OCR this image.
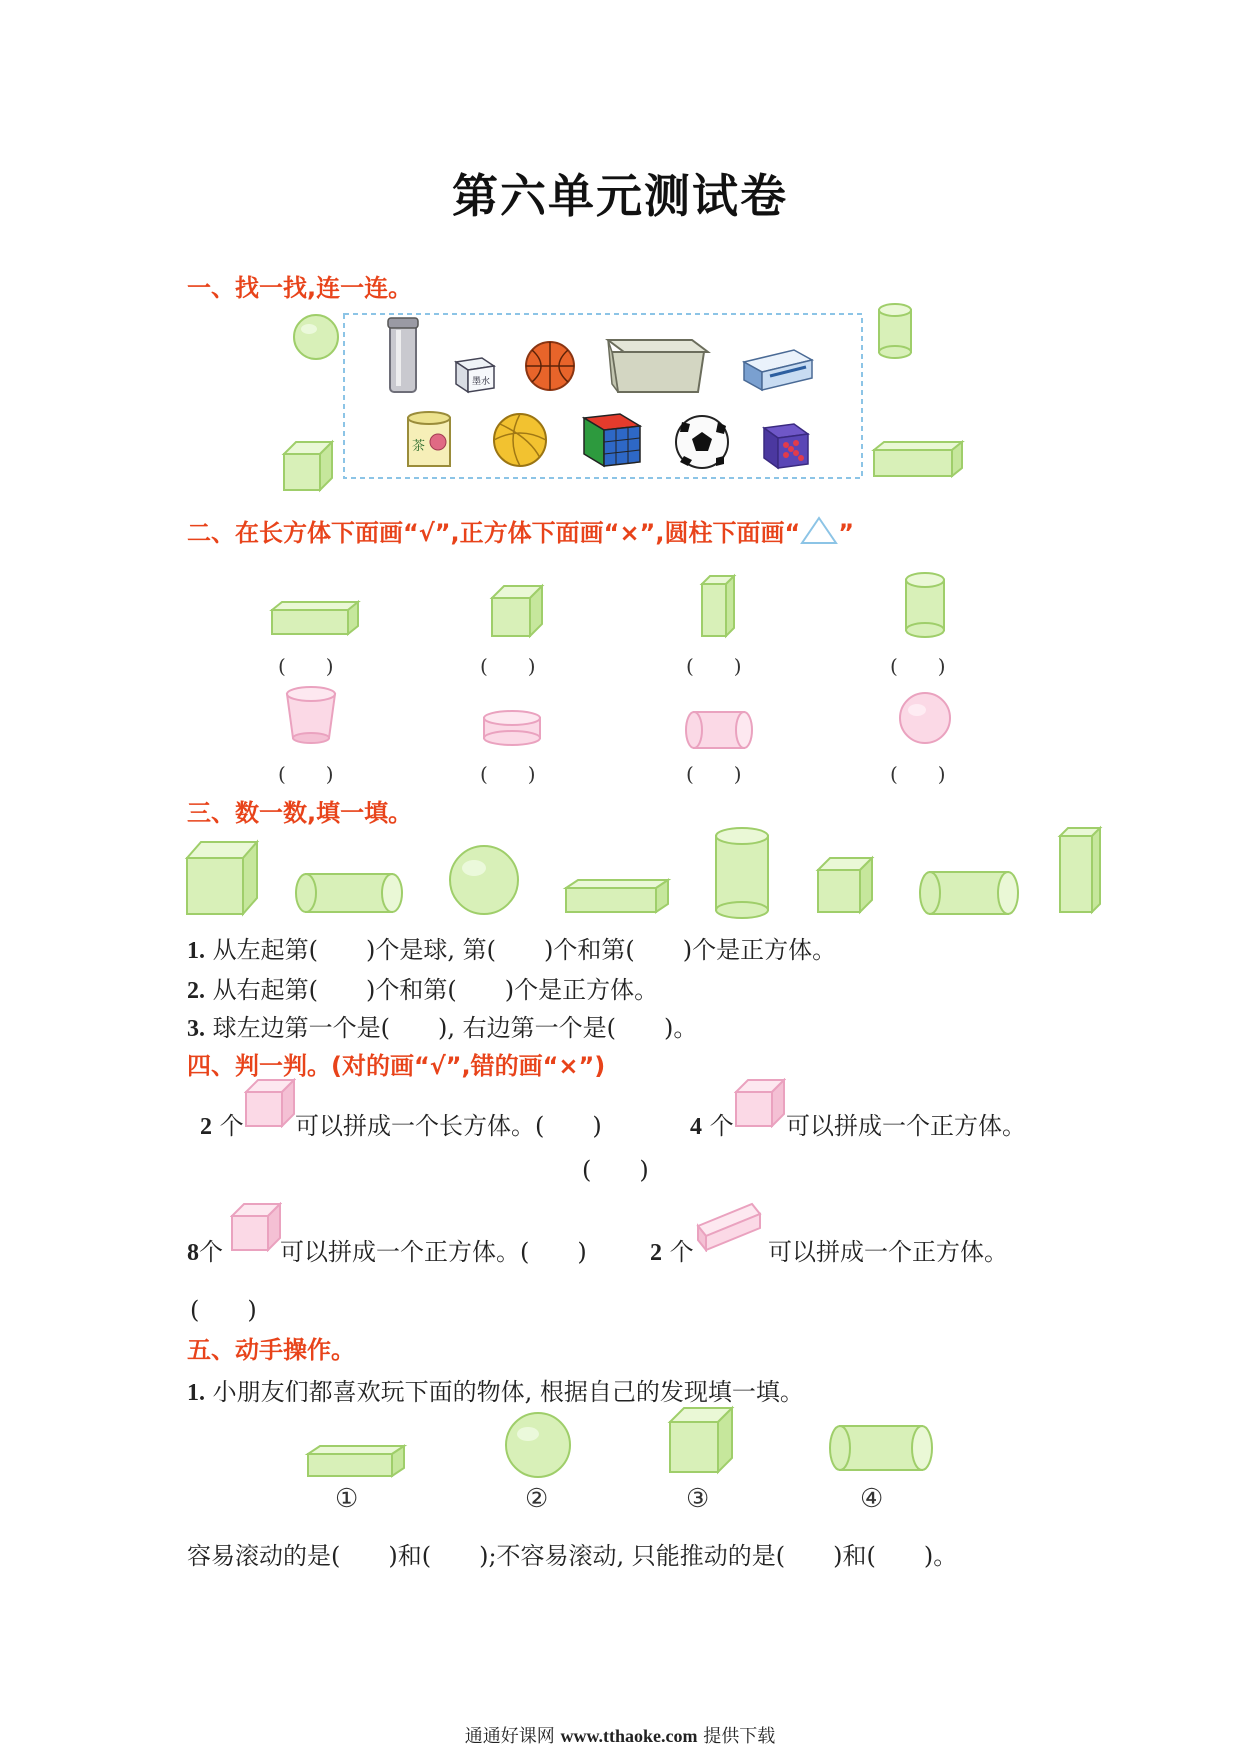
第六单元测试卷
一、找一找,连一连。
墨水
茶
二、在长方体下面画“√”,正方体下面画“×”,圆柱下面画“ ”
(　　)	(　　)	(　　)	(　　)
(　　)	(　　)	(　　)	(　　)
三、数一数,填一填。
1. 从左起第(　　)个是球, 第(　　)个和第(　　)个是正方体。
2. 从右起第(　　)个和第(　　)个是正方体。
3. 球左边第一个是(　　), 右边第一个是(　　)。
四、判一判。(对的画“√”,错的画“×”)
2 个 可以拼成一个长方体。(　　)	4 个 可以拼成一个正方体。
(　　)
8个 可以拼成一个正方体。(　　)	2 个	可以拼成一个正方体。
(　　)
五、动手操作。
1. 小朋友们都喜欢玩下面的物体, 根据自己的发现填一填。
①	②	③	④
容易滚动的是(　　)和(　　);不容易滚动, 只能推动的是(　　)和(　　)。
通通好课网 www.tthaoke.com 提供下载
